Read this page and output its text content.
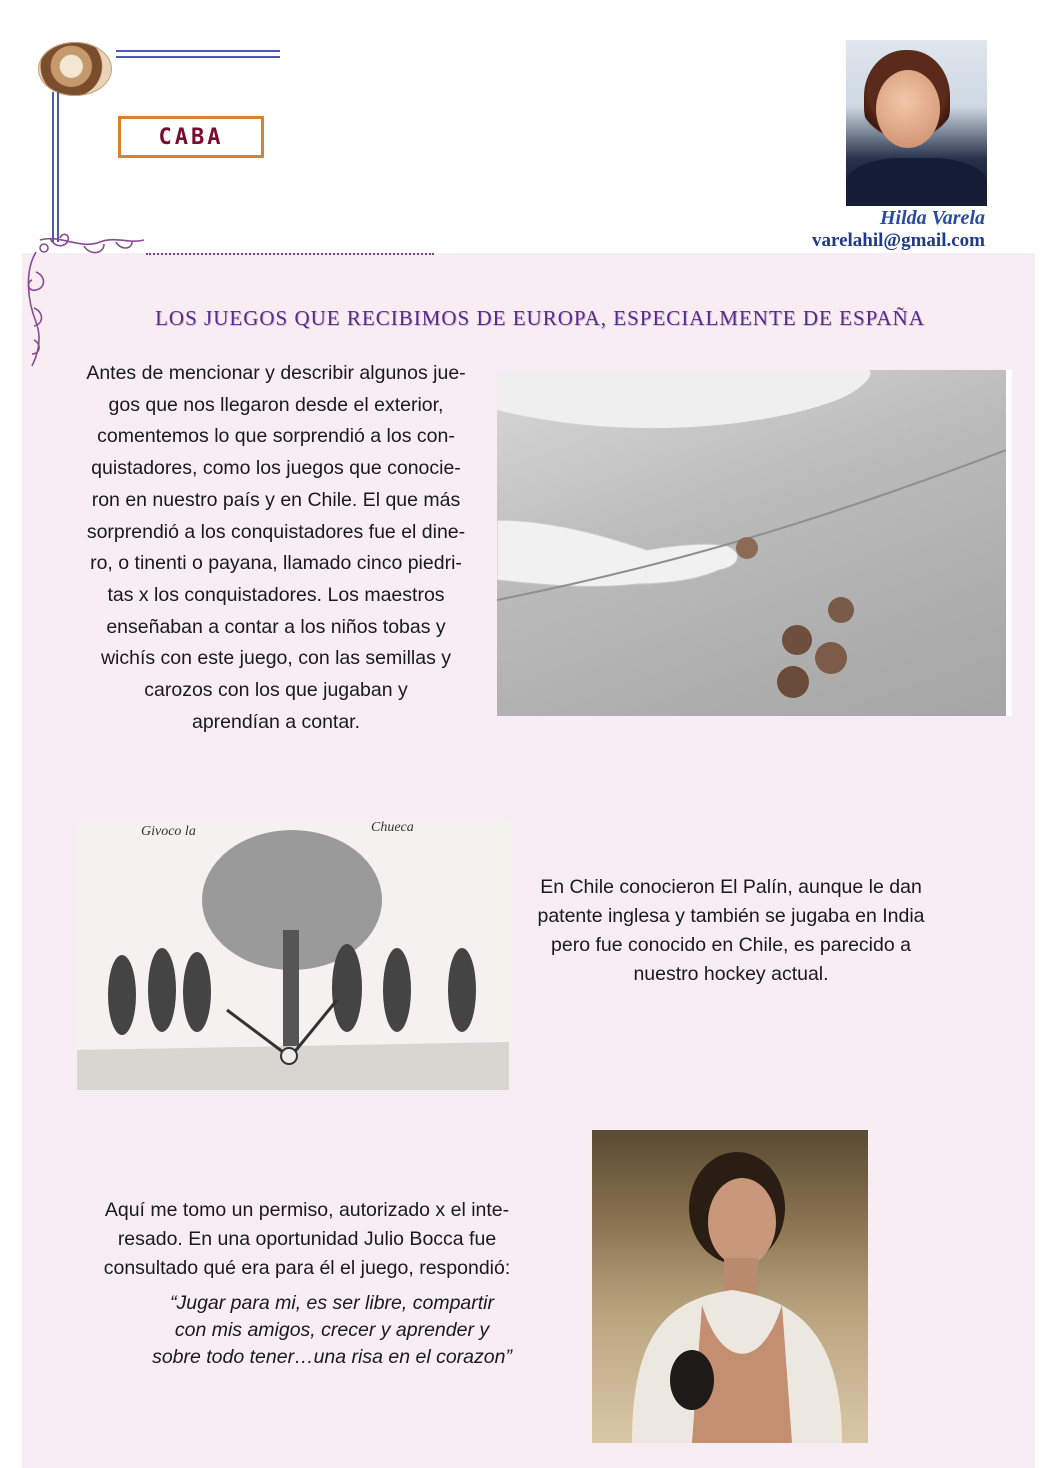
CABA
Hilda Varela
varelahil@gmail.com
LOS JUEGOS QUE RECIBIMOS DE EUROPA, ESPECIALMENTE DE ESPAÑA
Antes de mencionar y describir algunos jue-
gos que nos llegaron desde el exterior,
comentemos lo que sorprendió a los con-
quistadores, como los juegos que conocie-
ron en nuestro país y en Chile. El que más
sorprendió a los conquistadores fue el dine-
ro, o tinenti o payana, llamado cinco piedri-
tas x los conquistadores. Los maestros
enseñaban a contar a los niños tobas y
wichís con este juego, con las semillas y
carozos con los que jugaban y
aprendían a contar.
Givoco la	Chueca
En Chile conocieron El Palín, aunque le dan
patente inglesa y también se jugaba en India
pero fue conocido en Chile, es parecido a
nuestro hockey actual.
Aquí me tomo un permiso, autorizado x el inte-
resado. En una oportunidad Julio Bocca fue
consultado qué era para él el juego, respondió:
“Jugar para mi, es ser libre, compartir
con mis amigos, crecer y aprender y
sobre todo tener…una risa en el corazon”
